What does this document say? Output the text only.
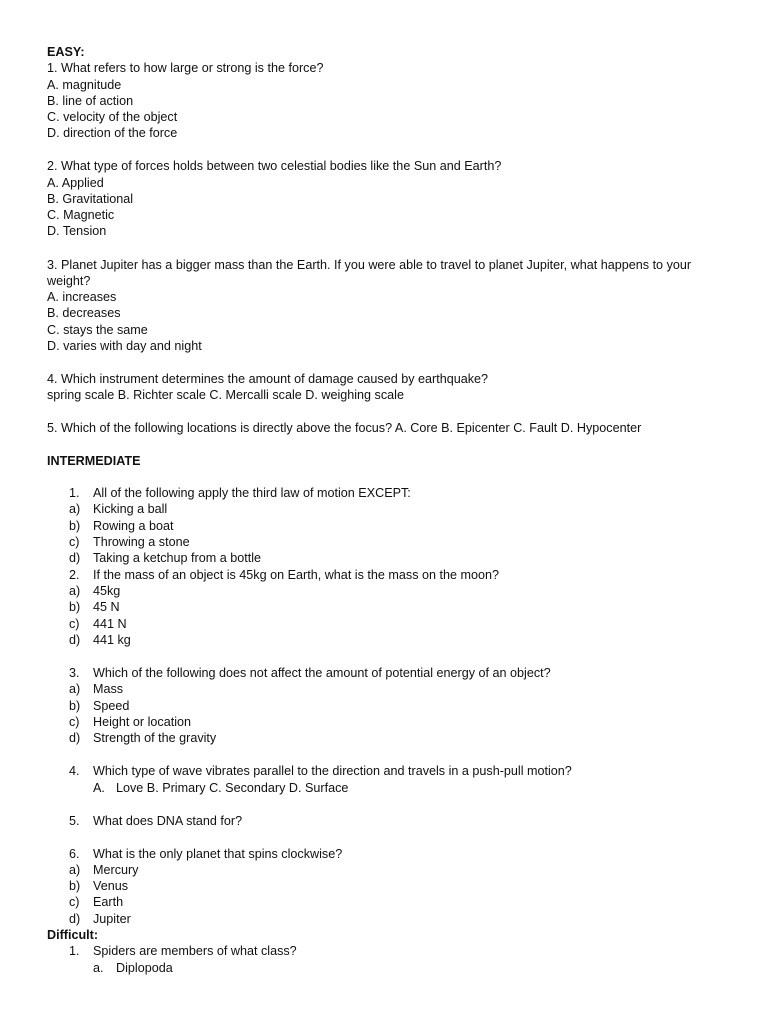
EASY:
1. What refers to how large or strong is the force?
A. magnitude
B. line of action
C. velocity of the object
D. direction of the force
2. What type of forces holds between two celestial bodies like the Sun and Earth?
A. Applied
B. Gravitational
C. Magnetic
D. Tension
3. Planet Jupiter has a bigger mass than the Earth. If you were able to travel to planet Jupiter, what happens to your
weight?
A. increases
B. decreases
C. stays the same
D. varies with day and night
4. Which instrument determines the amount of damage caused by earthquake?
spring scale B. Richter scale C. Mercalli scale D. weighing scale
5. Which of the following locations is directly above the focus? A. Core B. Epicenter C. Fault D. Hypocenter
INTERMEDIATE
1. All of the following apply the third law of motion EXCEPT:
a) Kicking a ball
b) Rowing a boat
c) Throwing a stone
d) Taking a ketchup from a bottle
2. If the mass of an object is 45kg on Earth, what is the mass on the moon?
a) 45kg
b) 45 N
c) 441 N
d) 441 kg
3. Which of the following does not affect the amount of potential energy of an object?
a) Mass
b) Speed
c) Height or location
d) Strength of the gravity
4. Which type of wave vibrates parallel to the direction and travels in a push-pull motion?
A. Love B. Primary C. Secondary D. Surface
5. What does DNA stand for?
6. What is the only planet that spins clockwise?
a) Mercury
b) Venus
c) Earth
d) Jupiter
Difficult:
1. Spiders are members of what class?
a. Diplopoda
